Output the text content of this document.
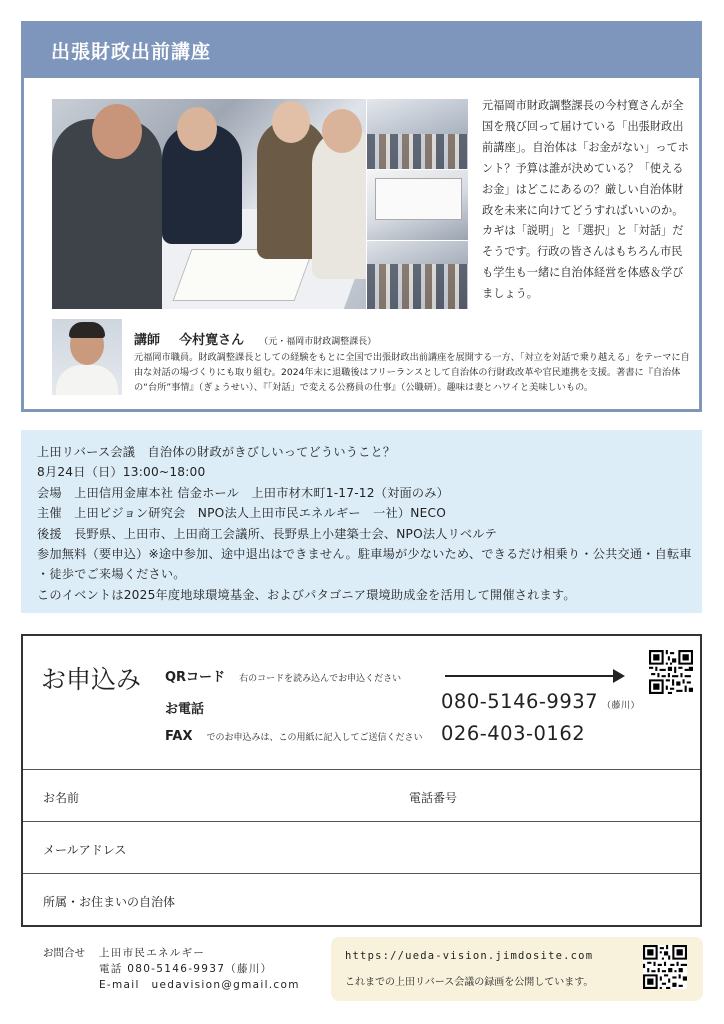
出張財政出前講座

元福岡市財政調整課長の今村寛さんが全国を飛び回って届けている「出張財政出前講座」。自治体は「お金がない」ってホント？予算は誰が決めている？「使えるお金」はどこにあるの？厳しい自治体財政を未来に向けてどうすればいいのか。カギは「説明」と「選択」と「対話」だそうです。行政の皆さんはもちろん市民も学生も一緒に自治体経営を体感＆学びましょう。

講師 今村寛さん （元・福岡市財政調整課長）

元福岡市職員。財政調整課長としての経験をもとに全国で出張財政出前講座を展開する一方、「対立を対話で乗り越える」をテーマに自由な対話の場づくりにも取り組む。2024年末に退職後はフリーランスとして自治体の行財政改革や官民連携を支援。著書に『自治体の“台所”事情』（ぎょうせい）、『「対話」で変える公務員の仕事』（公職研）。趣味は妻とハワイと美味しいもの。

上田リバース会議　自治体の財政がきびしいってどういうこと？
8月24日（日）13:00~18:00
会場　上田信用金庫本社 信金ホール　上田市材木町1-17-12（対面のみ）
主催　上田ビジョン研究会　NPO法人上田市民エネルギー　一社）NECO
後援　長野県、上田市、上田商工会議所、長野県上小建築士会、NPO法人リベルテ
参加無料（要申込）※途中参加、途中退出はできません。駐車場が少ないため、できるだけ相乗り・公共交通・自転車
・徒歩でご来場ください。
このイベントは2025年度地球環境基金、およびパタゴニア環境助成金を活用して開催されます。
お申込み QRコード 右のコードを読み込んでお申込ください
お電話	080-5146-9937 （藤川）
FAX でのお申込みは、この用紙に記入してご送信ください 026-403-0162
お名前	電話番号
メールアドレス
所属・お住まいの自治体
お問合せ 上田市民エネルギー
電話 080-5146-9937（藤川）
E-mail　uedavision@gmail.com
https://ueda-vision.jimdosite.com
これまでの上田リバース会議の録画を公開しています。
